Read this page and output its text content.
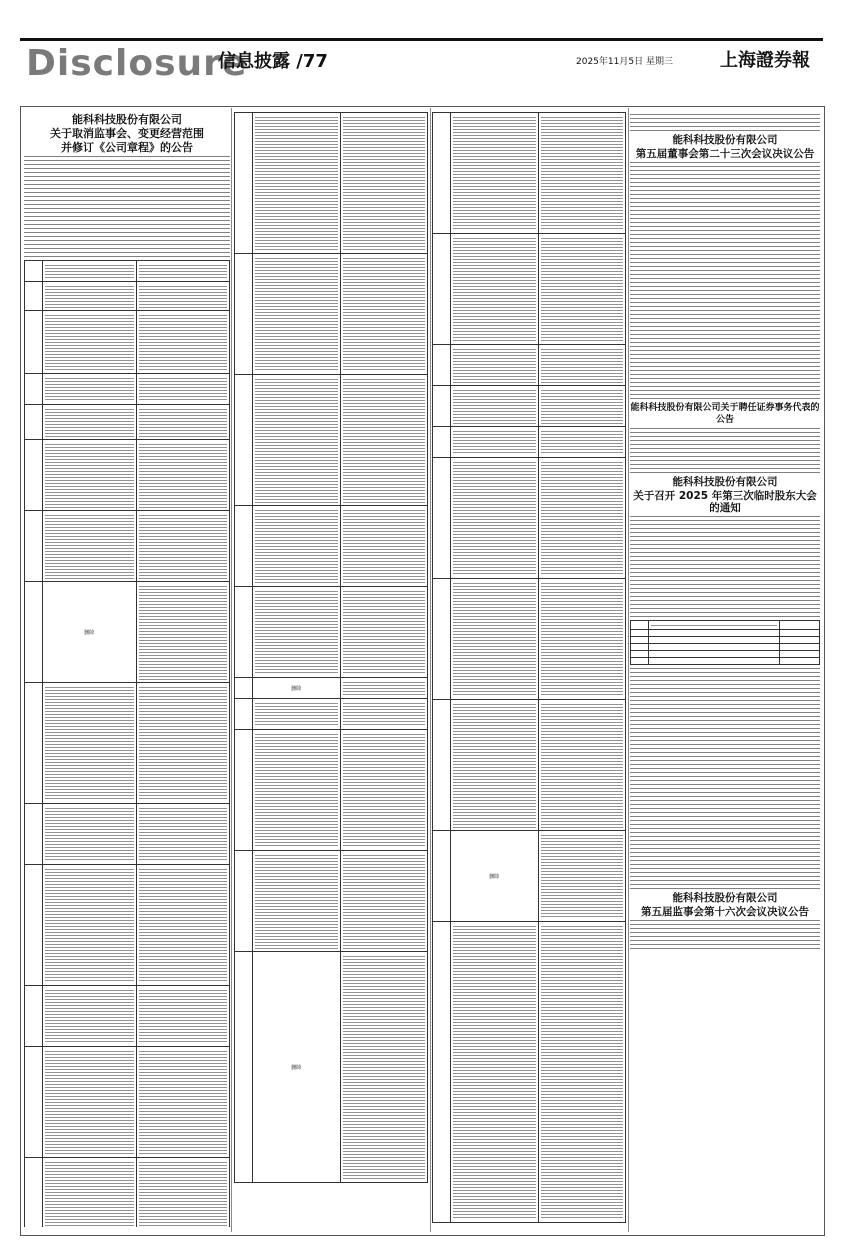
Disclosure
信息披露 /77	2025年11月5日 星期三	上海證券報
能科科技股份有限公司
关于取消监事会、变更经营范围
并修订《公司章程》的公告
删除
删除
删除
删除
能科科技股份有限公司
第五届董事会第二十三次会议决议公告
能科科技股份有限公司关于聘任证券事务代表的公告
能科科技股份有限公司
关于召开 2025 年第三次临时股东大会的通知
能科科技股份有限公司
第五届监事会第十六次会议决议公告
